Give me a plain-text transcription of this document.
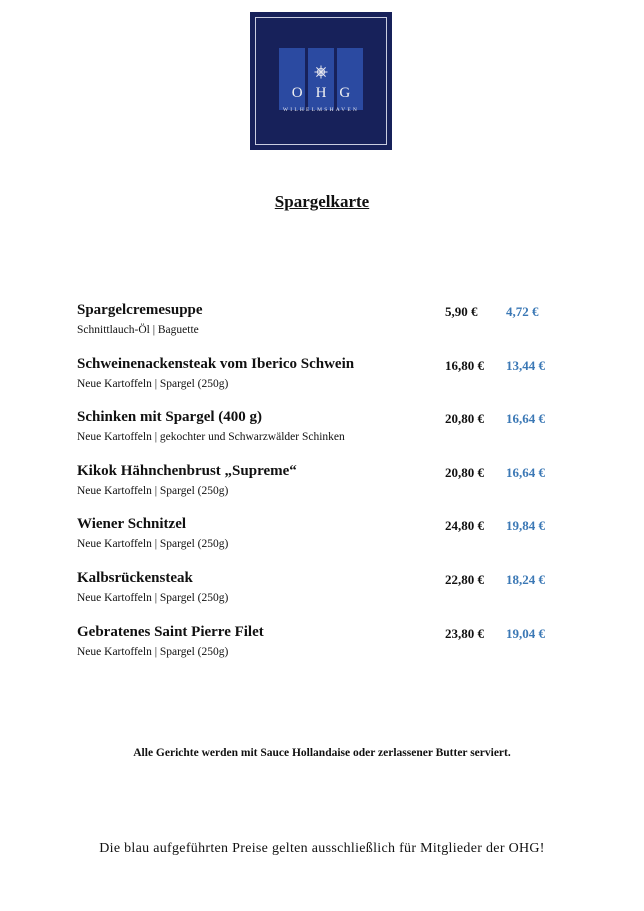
OHG
WILHELMSHAVEN
Spargelkarte
Spargelcremesuppe
Schnittlauch-Öl | Baguette
5,90 € 4,72 €
Schweinenackensteak vom Iberico Schwein
Neue Kartoffeln | Spargel (250g)
16,80 € 13,44 €
Schinken mit Spargel (400 g)
Neue Kartoffeln | gekochter und Schwarzwälder Schinken
20,80 € 16,64 €
Kikok Hähnchenbrust „Supreme“
Neue Kartoffeln | Spargel (250g)
20,80 € 16,64 €
Wiener Schnitzel
Neue Kartoffeln | Spargel (250g)
24,80 € 19,84 €
Kalbsrückensteak
Neue Kartoffeln | Spargel (250g)
22,80 € 18,24 €
Gebratenes Saint Pierre Filet
Neue Kartoffeln | Spargel (250g)
23,80 € 19,04 €
Alle Gerichte werden mit Sauce Hollandaise oder zerlassener Butter serviert.
Die blau aufgeführten Preise gelten ausschließlich für Mitglieder der OHG!
